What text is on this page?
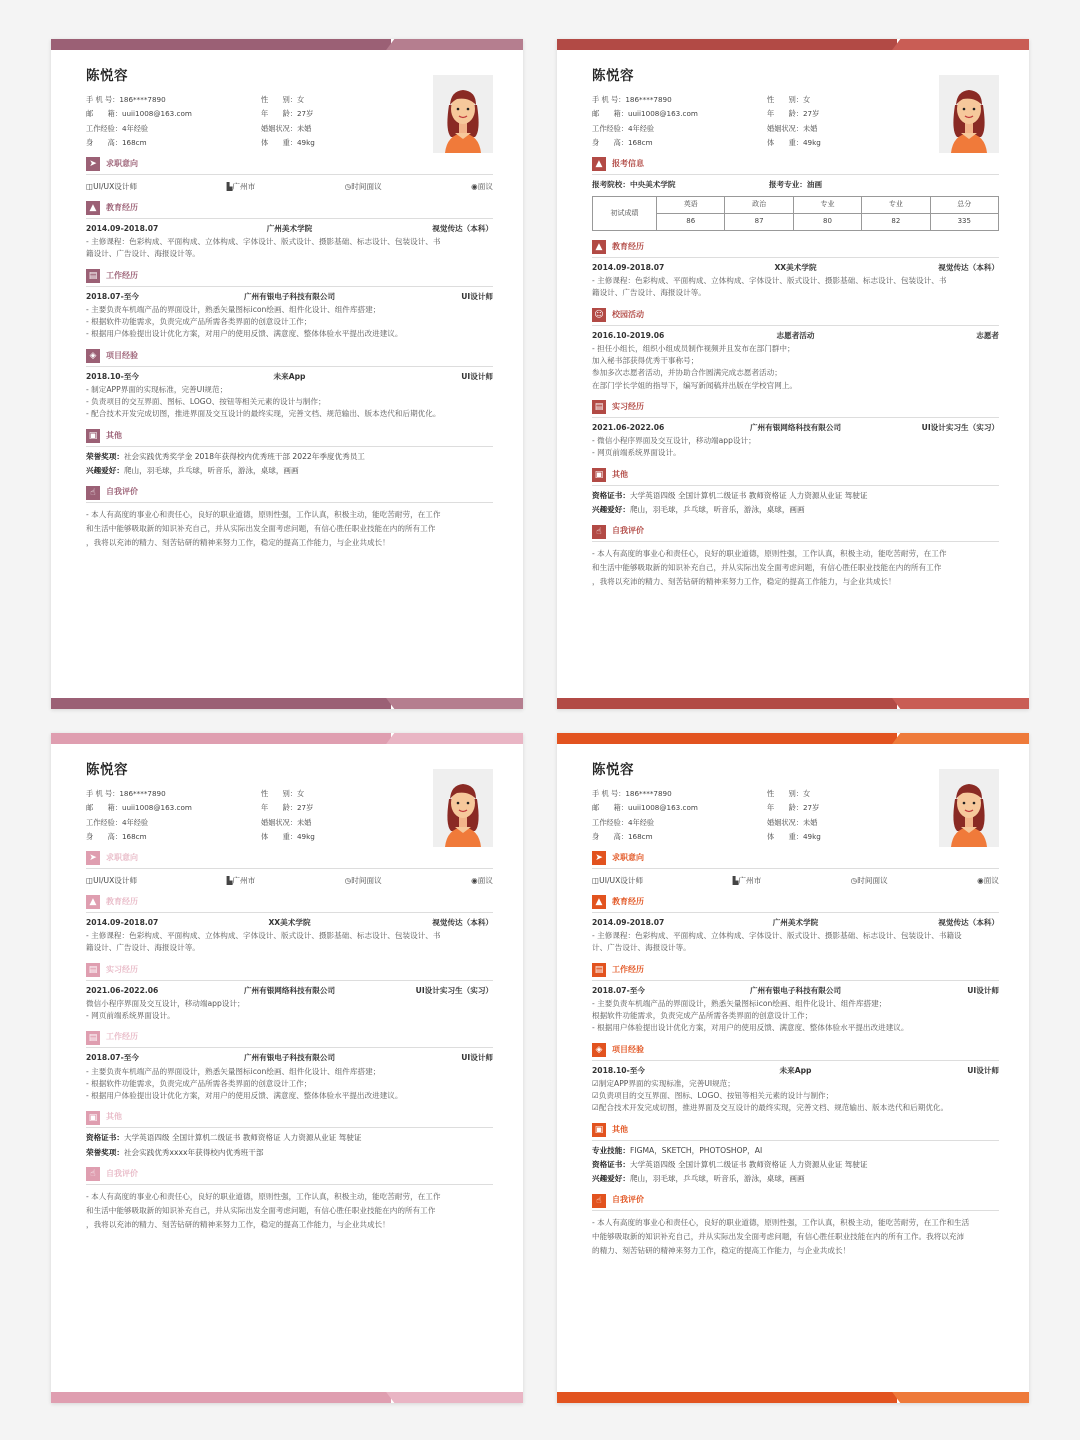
陈悦容
手 机 号：186****7890	性　　别：女
邮　　箱：uuii1008@163.com	年　　龄：27岁
工作经验：4年经验	婚姻状况：未婚
身　　高：168cm	体　　重：49kg
➤	求职意向
◫UI/UX设计师	▙广州市	◷时间面议	◉面议
▲	教育经历
2014.09-2018.07	广州美术学院	视觉传达（本科）
- 主修课程：色彩构成、平面构成、立体构成、字体设计、版式设计、摄影基础、标志设计、包装设计、书
籍设计、广告设计、海报设计等。
▤	工作经历
2018.07-至今	广州有银电子科技有限公司	UI设计师
- 主要负责车机端产品的界面设计，熟悉矢量图标icon绘画、组件化设计、组件库搭建；
- 根据软件功能需求，负责完成产品所需各类界面的创意设计工作；
- 根据用户体验提出设计优化方案，对用户的使用反馈、满意度、整体体验水平提出改进建议。
◈	项目经验
2018.10-至今	未来App	UI设计师
- 制定APP界面的实现标准，完善UI规范；
- 负责项目的交互界面、图标、LOGO、按钮等相关元素的设计与制作；
- 配合技术开发完成切图，推进界面及交互设计的最终实现，完善文档、规范输出、版本迭代和后期优化。
▣	其他
荣誉奖项：社会实践优秀奖学金 2018年获得校内优秀班干部 2022年季度优秀员工
兴趣爱好：爬山，羽毛球，乒乓球，听音乐，游泳，桌球，画画
☝	自我评价
- 本人有高度的事业心和责任心，良好的职业道德，原则性强，工作认真，积极主动，能吃苦耐劳，在工作
和生活中能够吸取新的知识补充自己，并从实际出发全面考虑问题，有信心胜任职业技能在内的所有工作
，我将以充沛的精力、刻苦钻研的精神来努力工作，稳定的提高工作能力，与企业共成长！
陈悦容
手 机 号：186****7890	性　　别：女
邮　　箱：uuii1008@163.com	年　　龄：27岁
工作经验：4年经验	婚姻状况：未婚
身　　高：168cm	体　　重：49kg
▲	报考信息
报考院校：中央美术学院	报考专业：油画
初试成绩	英语	政治	专业	专业	总分
	86	87	80	82	335
▲	教育经历
2014.09-2018.07	XX美术学院	视觉传达（本科）
- 主修课程：色彩构成、平面构成、立体构成、字体设计、版式设计、摄影基础、标志设计、包装设计、书
籍设计、广告设计、海报设计等。
☺ 校园活动
2016.10-2019.06	志愿者活动	志愿者
- 担任小组长，组织小组成员制作视频并且发布在部门群中；
加入秘书部获得优秀干事称号；
参加多次志愿者活动，并协助合作圆满完成志愿者活动；
在部门学长学姐的指导下，编写新闻稿并出版在学校官网上。
▤	实习经历
2021.06-2022.06	广州有银网络科技有限公司	UI设计实习生（实习）
- 微信小程序界面及交互设计，移动端app设计；
- 网页前端系统界面设计。
▣	其他
资格证书：大学英语四级 全国计算机二级证书 教师资格证 人力资源从业证 驾驶证
兴趣爱好：爬山，羽毛球，乒乓球，听音乐，游泳，桌球，画画
☝	自我评价
- 本人有高度的事业心和责任心，良好的职业道德，原则性强，工作认真，积极主动，能吃苦耐劳，在工作
和生活中能够吸取新的知识补充自己，并从实际出发全面考虑问题，有信心胜任职业技能在内的所有工作
，我将以充沛的精力、刻苦钻研的精神来努力工作，稳定的提高工作能力，与企业共成长！
陈悦容
手 机 号：186****7890	性　　别：女
邮　　箱：uuii1008@163.com	年　　龄：27岁
工作经验：4年经验	婚姻状况：未婚
身　　高：168cm	体　　重：49kg
➤	求职意向
◫UI/UX设计师	▙广州市	◷时间面议	◉面议
▲	教育经历
2014.09-2018.07	XX美术学院	视觉传达（本科）
- 主修课程：色彩构成、平面构成、立体构成、字体设计、版式设计、摄影基础、标志设计、包装设计、书
籍设计、广告设计、海报设计等。
▤	实习经历
2021.06-2022.06	广州有银网络科技有限公司	UI设计实习生（实习）
微信小程序界面及交互设计，移动端app设计；
- 网页前端系统界面设计。
▤	工作经历
2018.07-至今	广州有银电子科技有限公司	UI设计师
- 主要负责车机端产品的界面设计，熟悉矢量图标icon绘画、组件化设计、组件库搭建；
- 根据软件功能需求，负责完成产品所需各类界面的创意设计工作；
- 根据用户体验提出设计优化方案，对用户的使用反馈、满意度、整体体验水平提出改进建议。
▣	其他
资格证书：大学英语四级 全国计算机二级证书 教师资格证 人力资源从业证 驾驶证
荣誉奖项：社会实践优秀xxxx年获得校内优秀班干部
☝	自我评价
- 本人有高度的事业心和责任心，良好的职业道德，原则性强，工作认真，积极主动，能吃苦耐劳，在工作
和生活中能够吸取新的知识补充自己，并从实际出发全面考虑问题，有信心胜任职业技能在内的所有工作
，我将以充沛的精力、刻苦钻研的精神来努力工作，稳定的提高工作能力，与企业共成长！
陈悦容
手 机 号：186****7890	性　　别：女
邮　　箱：uuii1008@163.com	年　　龄：27岁
工作经验：4年经验	婚姻状况：未婚
身　　高：168cm	体　　重：49kg
➤	求职意向
◫UI/UX设计师	▙广州市	◷时间面议	◉面议
▲	教育经历
2014.09-2018.07	广州美术学院	视觉传达（本科）
- 主修课程：色彩构成、平面构成、立体构成、字体设计、版式设计、摄影基础、标志设计、包装设计、书籍设
计、广告设计、海报设计等。
▤	工作经历
2018.07-至今	广州有银电子科技有限公司	UI设计师
- 主要负责车机端产品的界面设计，熟悉矢量图标icon绘画、组件化设计、组件库搭建；
根据软件功能需求，负责完成产品所需各类界面的创意设计工作；
- 根据用户体验提出设计优化方案，对用户的使用反馈、满意度、整体体验水平提出改进建议。
◈	项目经验
2018.10-至今	未来App	UI设计师
☑制定APP界面的实现标准，完善UI规范；
☑负责项目的交互界面、图标、LOGO、按钮等相关元素的设计与制作；
☑配合技术开发完成切图，推进界面及交互设计的最终实现，完善文档、规范输出、版本迭代和后期优化。
▣	其他
专业技能：FIGMA，SKETCH，PHOTOSHOP，AI
资格证书：大学英语四级 全国计算机二级证书 教师资格证 人力资源从业证 驾驶证
兴趣爱好：爬山，羽毛球，乒乓球，听音乐，游泳，桌球，画画
☝	自我评价
- 本人有高度的事业心和责任心，良好的职业道德，原则性强，工作认真，积极主动，能吃苦耐劳，在工作和生活
中能够吸取新的知识补充自己，并从实际出发全面考虑问题，有信心胜任职业技能在内的所有工作。我将以充沛
的精力、刻苦钻研的精神来努力工作，稳定的提高工作能力，与企业共成长！
